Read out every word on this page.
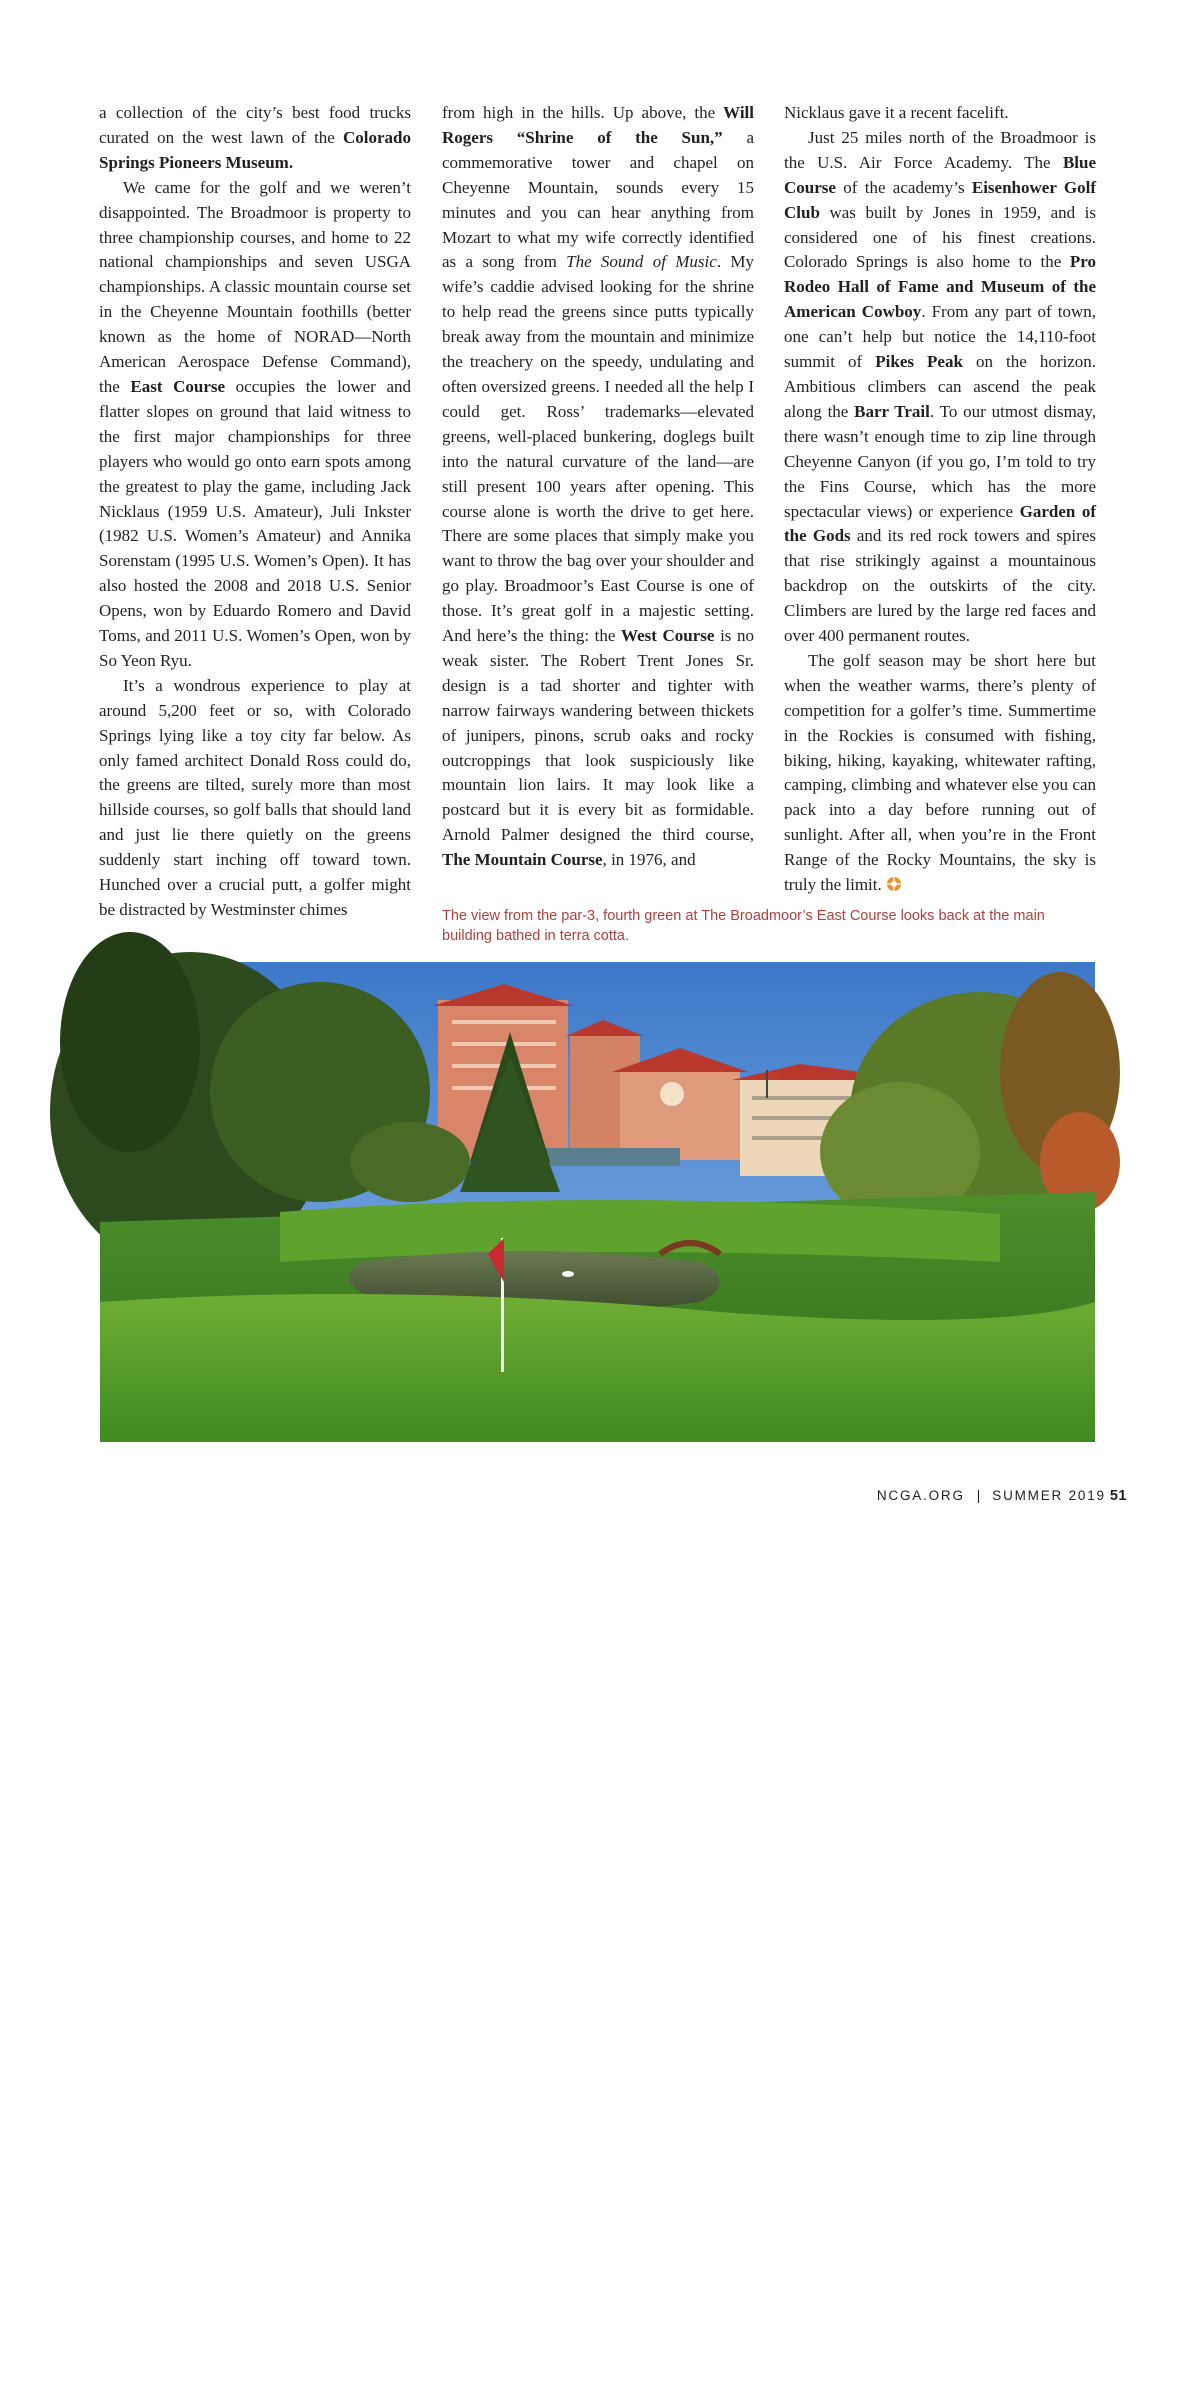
a collection of the city’s best food trucks curated on the west lawn of the Colorado Springs Pioneers Museum.

We came for the golf and we weren’t disappointed. The Broadmoor is property to three championship courses, and home to 22 national championships and seven USGA championships. A classic mountain course set in the Cheyenne Mountain foothills (better known as the home of NORAD—North American Aerospace Defense Command), the East Course occupies the lower and flatter slopes on ground that laid witness to the first major championships for three players who would go onto earn spots among the greatest to play the game, including Jack Nicklaus (1959 U.S. Amateur), Juli Inkster (1982 U.S. Women’s Amateur) and Annika Sorenstam (1995 U.S. Women’s Open). It has also hosted the 2008 and 2018 U.S. Senior Opens, won by Eduardo Romero and David Toms, and 2011 U.S. Women’s Open, won by So Yeon Ryu.

It’s a wondrous experience to play at around 5,200 feet or so, with Colorado Springs lying like a toy city far below. As only famed architect Donald Ross could do, the greens are tilted, surely more than most hillside courses, so golf balls that should land and just lie there quietly on the greens suddenly start inching off toward town. Hunched over a crucial putt, a golfer might be distracted by Westminster chimes

from high in the hills. Up above, the Will Rogers “Shrine of the Sun,” a commemorative tower and chapel on Cheyenne Mountain, sounds every 15 minutes and you can hear anything from Mozart to what my wife correctly identified as a song from The Sound of Music. My wife’s caddie advised looking for the shrine to help read the greens since putts typically break away from the mountain and minimize the treachery on the speedy, undulating and often oversized greens. I needed all the help I could get. Ross’ trademarks—elevated greens, well-placed bunkering, doglegs built into the natural curvature of the land—are still present 100 years after opening. This course alone is worth the drive to get here. There are some places that simply make you want to throw the bag over your shoulder and go play. Broadmoor’s East Course is one of those. It’s great golf in a majestic setting. And here’s the thing: the West Course is no weak sister. The Robert Trent Jones Sr. design is a tad shorter and tighter with narrow fairways wandering between thickets of junipers, pinons, scrub oaks and rocky outcroppings that look suspiciously like mountain lion lairs. It may look like a postcard but it is every bit as formidable. Arnold Palmer designed the third course, The Mountain Course, in 1976, and

Nicklaus gave it a recent facelift.

Just 25 miles north of the Broadmoor is the U.S. Air Force Academy. The Blue Course of the academy’s Eisenhower Golf Club was built by Jones in 1959, and is considered one of his finest creations. Colorado Springs is also home to the Pro Rodeo Hall of Fame and Museum of the American Cowboy. From any part of town, one can’t help but notice the 14,110-foot summit of Pikes Peak on the horizon. Ambitious climbers can ascend the peak along the Barr Trail. To our utmost dismay, there wasn’t enough time to zip line through Cheyenne Canyon (if you go, I’m told to try the Fins Course, which has the more spectacular views) or experience Garden of the Gods and its red rock towers and spires that rise strikingly against a mountainous backdrop on the outskirts of the city. Climbers are lured by the large red faces and over 400 permanent routes.

The golf season may be short here but when the weather warms, there’s plenty of competition for a golfer’s time. Summertime in the Rockies is consumed with fishing, biking, hiking, kayaking, whitewater rafting, camping, climbing and whatever else you can pack into a day before running out of sunlight. After all, when you’re in the Front Range of the Rocky Mountains, the sky is truly the limit.

The view from the par-3, fourth green at The Broadmoor’s East Course looks back at the main building bathed in terra cotta.
DICK DURRANCE II
NCGA.ORG | SUMMER 2019 51
